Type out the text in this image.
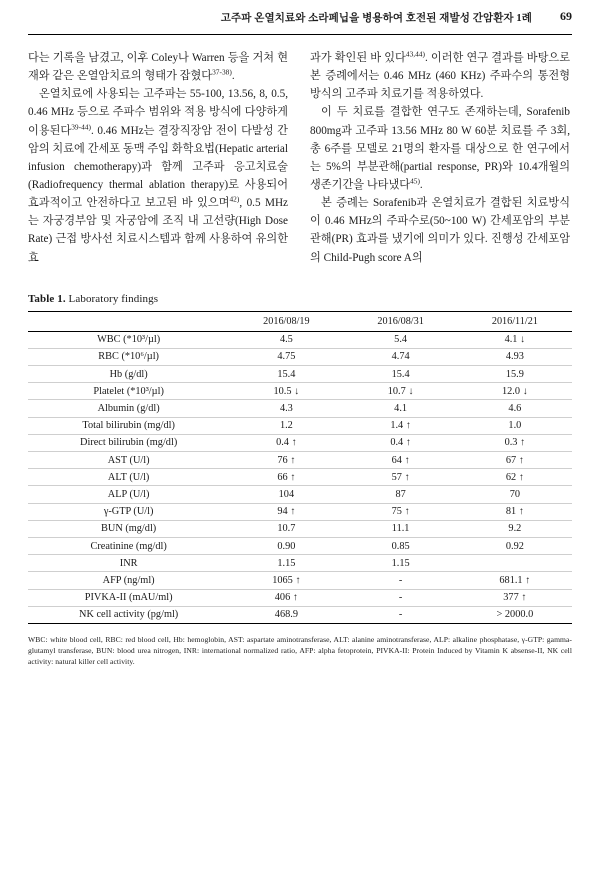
고주파 온열치료와 소라페닙을 병용하여 호전된 재발성 간암환자 1례 69

다는 기록을 남겼고, 이후 Coley나 Warren 등을 거쳐 현재와 같은 온열암치료의 형태가 잡혔다$^{37-38)}$.

온열치료에 사용되는 고주파는 55-100, 13.56, 8, 0.5, 0.46 MHz 등으로 주파수 범위와 적용 방식에 다양하게 이용된다$^{39-44)}$. 0.46 MHz는 결장직장암 전이 다발성 간암의 치료에 간세포 동맥 주입 화학요법(Hepatic arterial infusion chemotherapy)과 함께 고주파 응고치료술(Radiofrequency thermal ablation therapy)로 사용되어 효과적이고 안전하다고 보고된 바 있으며$^{42)}$, 0.5 MHz는 자궁경부암 및 자궁암에 조직 내 고선량(High Dose Rate) 근접 방사선 치료시스템과 함께 사용하여 유의한 효

과가 확인된 바 있다$^{43,44)}$. 이러한 연구 결과를 바탕으로 본 증례에서는 0.46 MHz (460 KHz) 주파수의 통전형 방식의 고주파 치료기를 적용하였다.

이 두 치료를 결합한 연구도 존재하는데, Sorafenib 800mg과 고주파 13.56 MHz 80 W 60분 치료를 주 3회, 총 6주를 모델로 21명의 환자를 대상으로 한 연구에서는 5%의 부분관해(partial response, PR)와 10.4개월의 생존기간을 나타냈다$^{45)}$.

본 증례는 Sorafenib과 온열치료가 결합된 치료방식이 0.46 MHz의 주파수로(50~100 W) 간세포암의 부분관해(PR) 효과를 냈기에 의미가 있다. 진행성 간세포암의 Child-Pugh score A의

Table 1. Laboratory findings
	2016/08/19	2016/08/31	2016/11/21
WBC (*10³/µl)	4.5	5.4	4.1 ↓
RBC (*10⁶/µl)	4.75	4.74	4.93
Hb (g/dl)	15.4	15.4	15.9
Platelet (*10³/µl)	10.5 ↓	10.7 ↓	12.0 ↓
Albumin (g/dl)	4.3	4.1	4.6
Total bilirubin (mg/dl)	1.2	1.4 ↑	1.0
Direct bilirubin (mg/dl)	0.4 ↑	0.4 ↑	0.3 ↑
AST (U/l)	76 ↑	64 ↑	67 ↑
ALT (U/l)	66 ↑	57 ↑	62 ↑
ALP (U/l)	104	87	70
γ-GTP (U/l)	94 ↑	75 ↑	81 ↑
BUN (mg/dl)	10.7	11.1	9.2
Creatinine (mg/dl)	0.90	0.85	0.92
INR	1.15	1.15	
AFP (ng/ml)	1065 ↑	-	681.1 ↑
PIVKA-II (mAU/ml)	406 ↑	-	377 ↑
NK cell activity (pg/ml)	468.9	-	> 2000.0
WBC: white blood cell, RBC: red blood cell, Hb: hemoglobin, AST: aspartate aminotransferase, ALT: alanine aminotransferase, ALP: alkaline phosphatase, γ-GTP: gamma-glutamyl transferase, BUN: blood urea nitrogen, INR: international normalized ratio, AFP: alpha fetoprotein, PIVKA-II: Protein Induced by Vitamin K absense-II, NK cell activity: natural killer cell activity.
